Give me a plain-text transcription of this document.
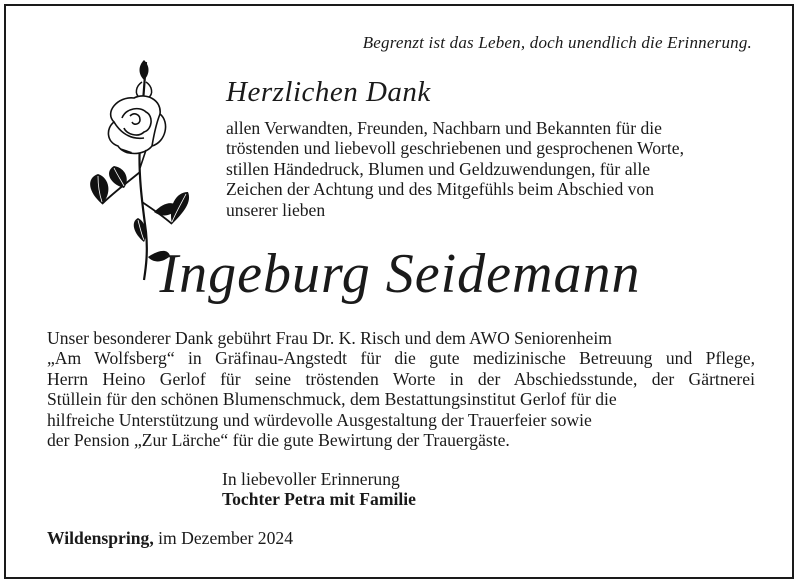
Begrenzt ist das Leben, doch unendlich die Erinnerung.
Herzlichen Dank
allen Verwandten, Freunden, Nachbarn und Bekannten für die
tröstenden und liebevoll geschriebenen und gesprochenen Worte,
stillen Händedruck, Blumen und Geldzuwendungen, für alle
Zeichen der Achtung und des Mitgefühls beim Abschied von
unserer lieben
Ingeburg Seidemann
Unser besonderer Dank gebührt Frau Dr. K. Risch und dem AWO Seniorenheim
„Am Wolfsberg“ in Gräfinau-Angstedt für die gute medizinische Betreuung und Pflege,
Herrn Heino Gerlof für seine tröstenden Worte in der Abschiedsstunde, der Gärtnerei
Stüllein für den schönen Blumenschmuck, dem Bestattungsinstitut Gerlof für die
hilfreiche Unterstützung und würdevolle Ausgestaltung der Trauerfeier sowie
der Pension „Zur Lärche“ für die gute Bewirtung der Trauergäste.
In liebevoller Erinnerung
Tochter Petra mit Familie
Wildenspring, im Dezember 2024
